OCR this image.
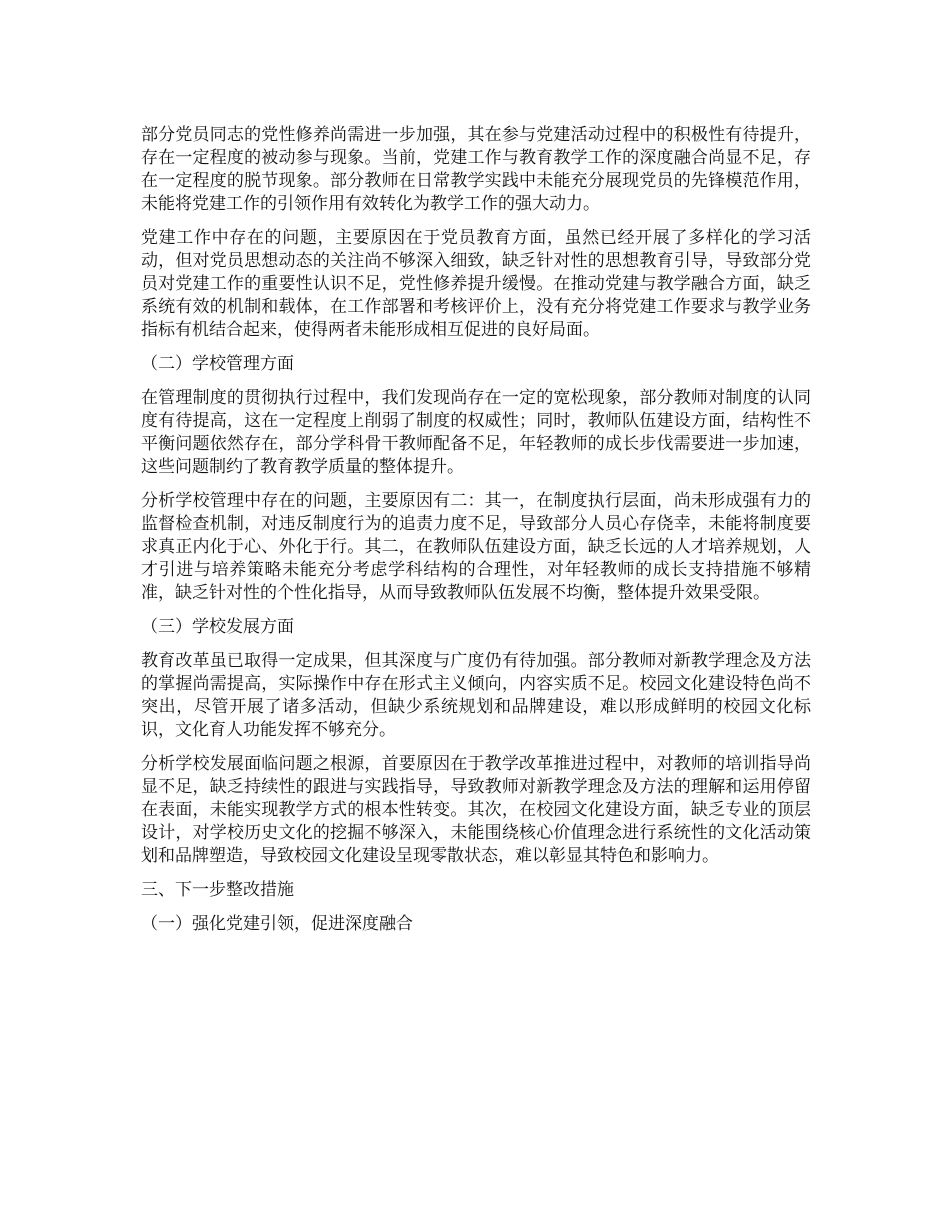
部分党员同志的党性修养尚需进一步加强，其在参与党建活动过程中的积极性有待提升，存在一定程度的被动参与现象。当前，党建工作与教育教学工作的深度融合尚显不足，存在一定程度的脱节现象。部分教师在日常教学实践中未能充分展现党员的先锋模范作用，未能将党建工作的引领作用有效转化为教学工作的强大动力。

党建工作中存在的问题，主要原因在于党员教育方面，虽然已经开展了多样化的学习活动，但对党员思想动态的关注尚不够深入细致，缺乏针对性的思想教育引导，导致部分党员对党建工作的重要性认识不足，党性修养提升缓慢。在推动党建与教学融合方面，缺乏系统有效的机制和载体，在工作部署和考核评价上，没有充分将党建工作要求与教学业务指标有机结合起来，使得两者未能形成相互促进的良好局面。

（二）学校管理方面

在管理制度的贯彻执行过程中，我们发现尚存在一定的宽松现象，部分教师对制度的认同度有待提高，这在一定程度上削弱了制度的权威性；同时，教师队伍建设方面，结构性不平衡问题依然存在，部分学科骨干教师配备不足，年轻教师的成长步伐需要进一步加速，这些问题制约了教育教学质量的整体提升。

分析学校管理中存在的问题，主要原因有二：其一，在制度执行层面，尚未形成强有力的监督检查机制，对违反制度行为的追责力度不足，导致部分人员心存侥幸，未能将制度要求真正内化于心、外化于行。其二，在教师队伍建设方面，缺乏长远的人才培养规划，人才引进与培养策略未能充分考虑学科结构的合理性，对年轻教师的成长支持措施不够精准，缺乏针对性的个性化指导，从而导致教师队伍发展不均衡，整体提升效果受限。

（三）学校发展方面

教育改革虽已取得一定成果，但其深度与广度仍有待加强。部分教师对新教学理念及方法的掌握尚需提高，实际操作中存在形式主义倾向，内容实质不足。校园文化建设特色尚不突出，尽管开展了诸多活动，但缺少系统规划和品牌建设，难以形成鲜明的校园文化标识，文化育人功能发挥不够充分。

分析学校发展面临问题之根源，首要原因在于教学改革推进过程中，对教师的培训指导尚显不足，缺乏持续性的跟进与实践指导，导致教师对新教学理念及方法的理解和运用停留在表面，未能实现教学方式的根本性转变。其次，在校园文化建设方面，缺乏专业的顶层设计，对学校历史文化的挖掘不够深入，未能围绕核心价值理念进行系统性的文化活动策划和品牌塑造，导致校园文化建设呈现零散状态，难以彰显其特色和影响力。

三、下一步整改措施

（一）强化党建引领，促进深度融合
